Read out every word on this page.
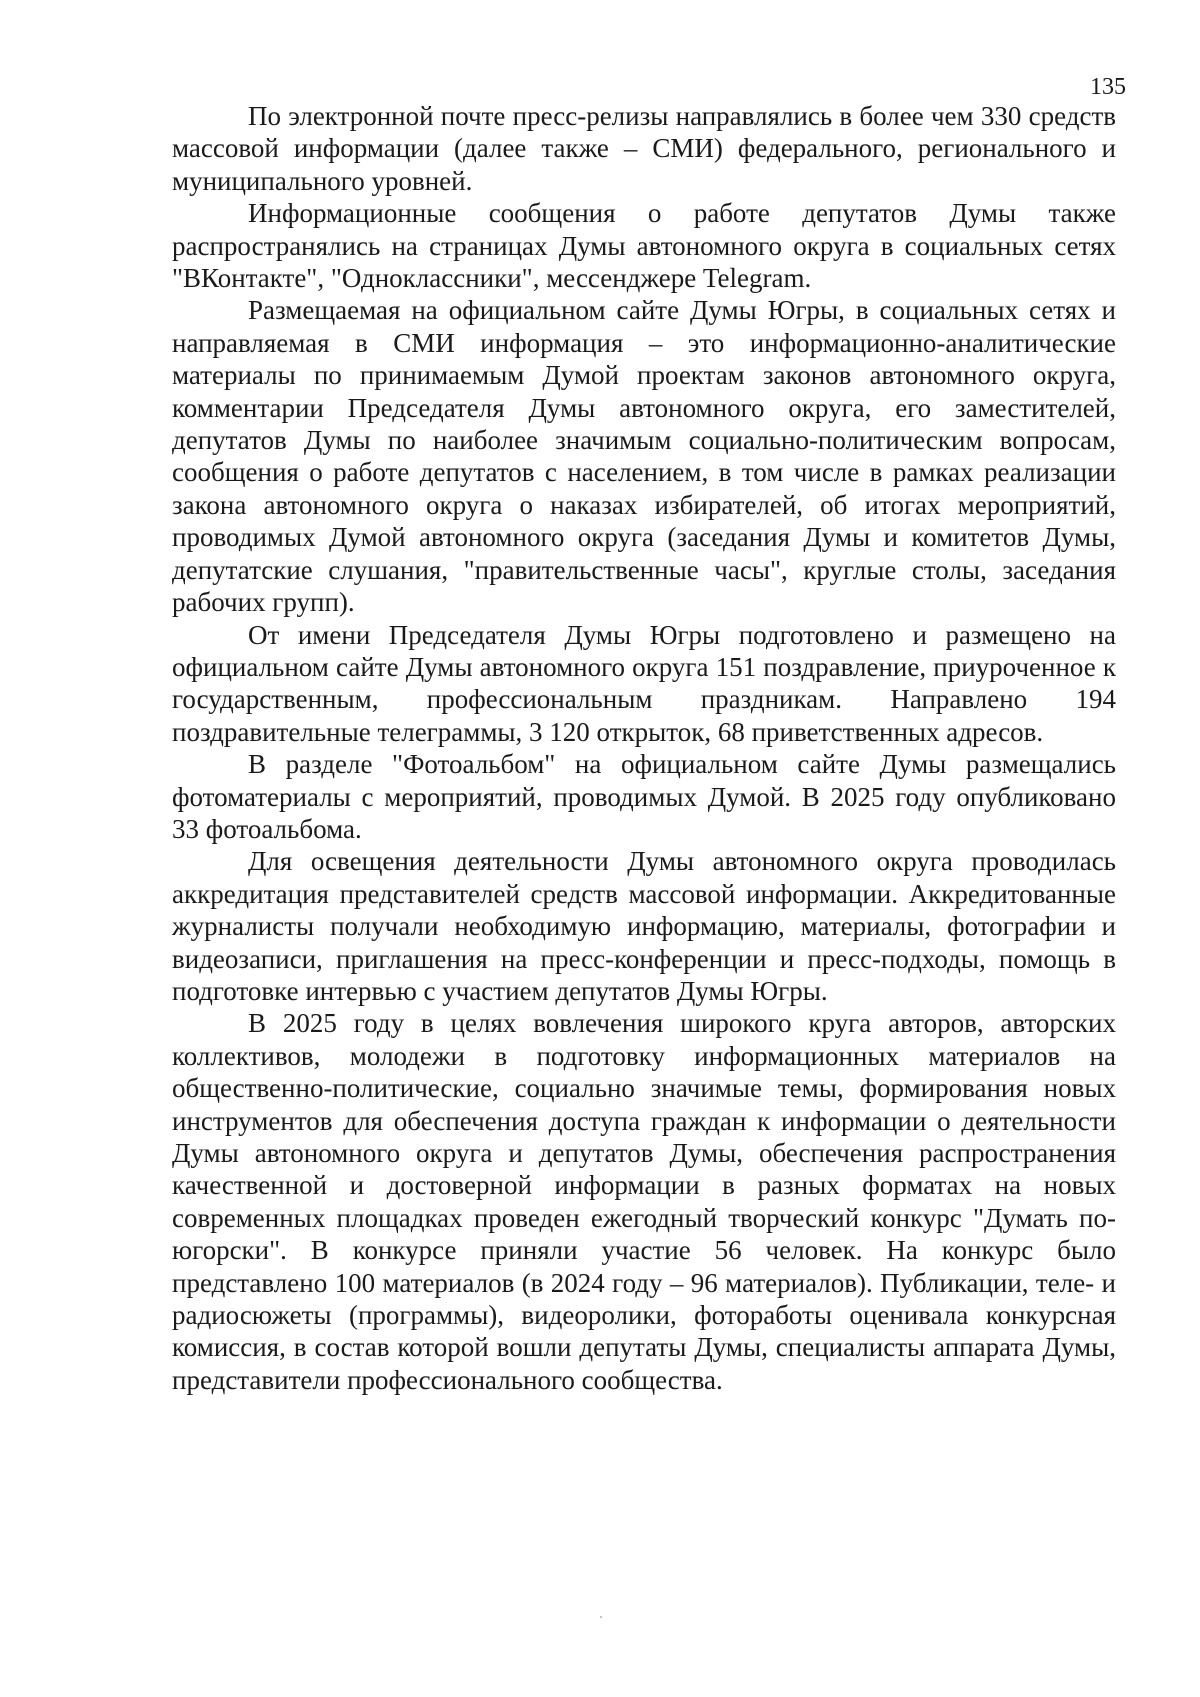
135

По электронной почте пресс-релизы направлялись в более чем 330 средств массовой информации (далее также – СМИ) федерального, регионального и муниципального уровней.

Информационные сообщения о работе депутатов Думы также распространялись на страницах Думы автономного округа в социальных сетях "ВКонтакте", "Одноклассники", мессенджере Telegram.

Размещаемая на официальном сайте Думы Югры, в социальных сетях и направляемая в СМИ информация – это информационно-аналитические материалы по принимаемым Думой проектам законов автономного округа, комментарии Председателя Думы автономного округа, его заместителей, депутатов Думы по наиболее значимым социально-политическим вопросам, сообщения о работе депутатов с населением, в том числе в рамках реализации закона автономного округа о наказах избирателей, об итогах мероприятий, проводимых Думой автономного округа (заседания Думы и комитетов Думы, депутатские слушания, "правительственные часы", круглые столы, заседания рабочих групп).

От имени Председателя Думы Югры подготовлено и размещено на официальном сайте Думы автономного округа 151 поздравление, приуроченное к государственным, профессиональным праздникам. Направлено 194 поздравительные телеграммы, 3 120 открыток, 68 приветственных адресов.

В разделе "Фотоальбом" на официальном сайте Думы размещались фотоматериалы с мероприятий, проводимых Думой. В 2025 году опубликовано 33 фотоальбома.

Для освещения деятельности Думы автономного округа проводилась аккредитация представителей средств массовой информации. Аккредитованные журналисты получали необходимую информацию, материалы, фотографии и видеозаписи, приглашения на пресс-конференции и пресс-подходы, помощь в подготовке интервью с участием депутатов Думы Югры.

В 2025 году в целях вовлечения широкого круга авторов, авторских коллективов, молодежи в подготовку информационных материалов на общественно-политические, социально значимые темы, формирования новых инструментов для обеспечения доступа граждан к информации о деятельности Думы автономного округа и депутатов Думы, обеспечения распространения качественной и достоверной информации в разных форматах на новых современных площадках проведен ежегодный творческий конкурс "Думать по-югорски". В конкурсе приняли участие 56 человек. На конкурс было представлено 100 материалов (в 2024 году – 96 материалов). Публикации, теле- и радиосюжеты (программы), видеоролики, фотоработы оценивала конкурсная комиссия, в состав которой вошли депутаты Думы, специалисты аппарата Думы, представители профессионального сообщества.
